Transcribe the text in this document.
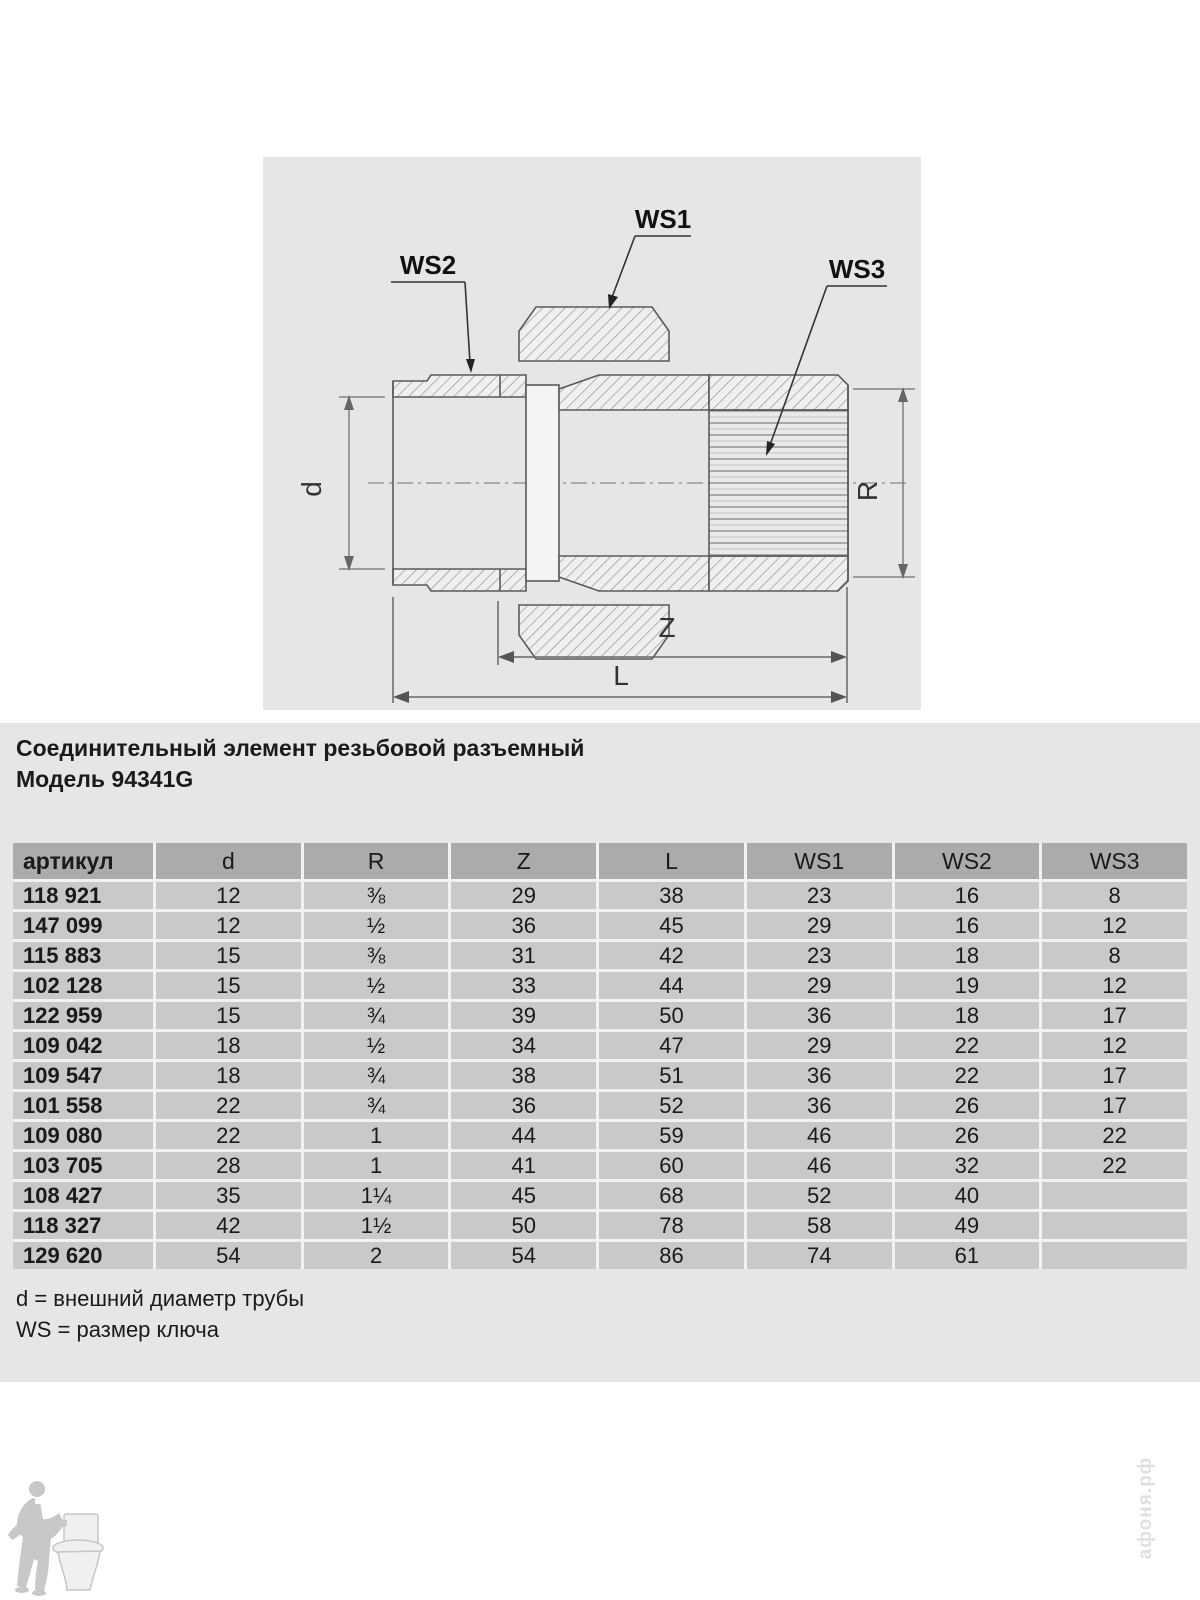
d	R
Z
L
WS1
WS2	WS3
Соединительный элемент резьбовой разъемный
Модель 94341G
артикул	d	R	Z	L	WS1	WS2	WS3
118 921	12	⅜	29	38	23	16	8
147 099	12	½	36	45	29	16	12
115 883	15	⅜	31	42	23	18	8
102 128	15	½	33	44	29	19	12
122 959	15	¾	39	50	36	18	17
109 042	18	½	34	47	29	22	12
109 547	18	¾	38	51	36	22	17
101 558	22	¾	36	52	36	26	17
109 080	22	1	44	59	46	26	22
103 705	28	1	41	60	46	32	22
108 427	35	1¼	45	68	52	40
118 327	42	1½	50	78	58	49
129 620	54	2	54	86	74	61
d = внешний диаметр трубы
WS = размер ключа
афоня.рф
